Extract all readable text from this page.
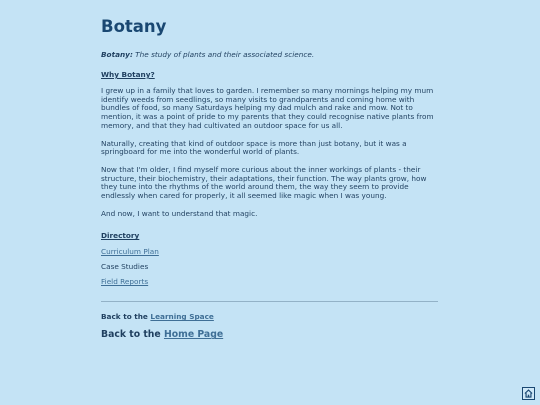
Botany

Botany: The study of plants and their associated science.

Why Botany?

I grew up in a family that loves to garden. I remember so many mornings helping my mum identify weeds from seedlings, so many visits to grandparents and coming home with bundles of food, so many Saturdays helping my dad mulch and rake and mow. Not to mention, it was a point of pride to my parents that they could recognise native plants from memory, and that they had cultivated an outdoor space for us all.

Naturally, creating that kind of outdoor space is more than just botany, but it was a springboard for me into the wonderful world of plants.

Now that I'm older, I find myself more curious about the inner workings of plants - their structure, their biochemistry, their adaptations, their function. The way plants grow, how they tune into the rhythms of the world around them, the way they seem to provide endlessly when cared for properly, it all seemed like magic when I was young.

And now, I want to understand that magic.

Directory
Curriculum Plan
Case Studies
Field Reports
Back to the Learning Space
Back to the Home Page
